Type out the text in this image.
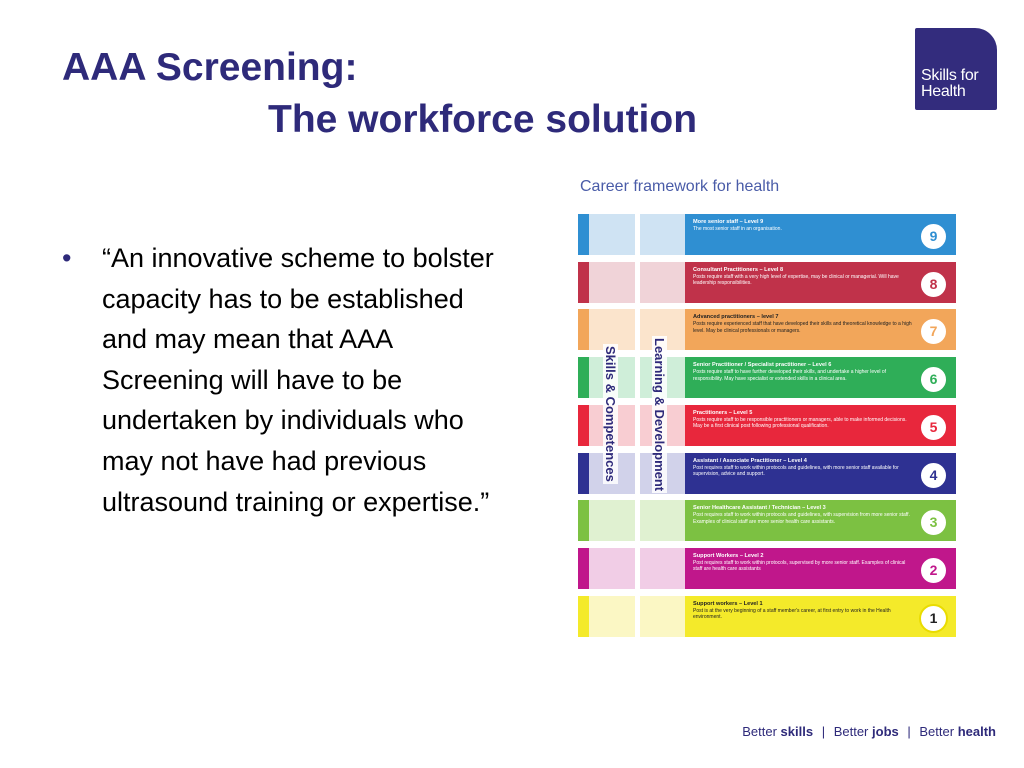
AAA Screening:
The workforce solution
Skills for
Health
• “An innovative scheme to bolster capacity has to be established and may mean that AAA Screening will have to be undertaken by individuals who may not have had previous ultrasound training or expertise.”
Career framework for health
More senior staff – Level 9
The most senior staff in an organisation.	9
Consultant Practitioners – Level 8
Posts require staff with a very high level of expertise, may be clinical or managerial. Will have leadership responsibilities.	8
Advanced practitioners – level 7
Posts require experienced staff that have developed their skills and theoretical knowledge to a high level. May be clinical professionals or managers.	7
Senior Practitioner / Specialist practitioner – Level 6
Posts require staff to have further developed their skills, and undertake a higher level of responsibility. May have specialist or extended skills in a clinical area.	6
Practitioners – Level 5
Posts require staff to be responsible practitioners or managers, able to make informed decisions. May be a first clinical post following professional qualification.	5
Assistant / Associate Practitioner – Level 4
Post requires staff to work within protocols and guidelines, with more senior staff available for supervision, advice and support.	4
Senior Healthcare Assistant / Technician – Level 3
Post requires staff to work within protocols and guidelines, with supervision from more senior staff. Examples of clinical staff are more senior health care assistants.	3
Support Workers – Level 2
Post requires staff to work within protocols, supervised by more senior staff. Examples of clinical staff are health care assistants	2
Support workers – Level 1
Post is at the very beginning of a staff member's career, at first entry to work in the Health environment.	1
Learning & Development
Skills & Competences
Better skills | Better jobs | Better health
